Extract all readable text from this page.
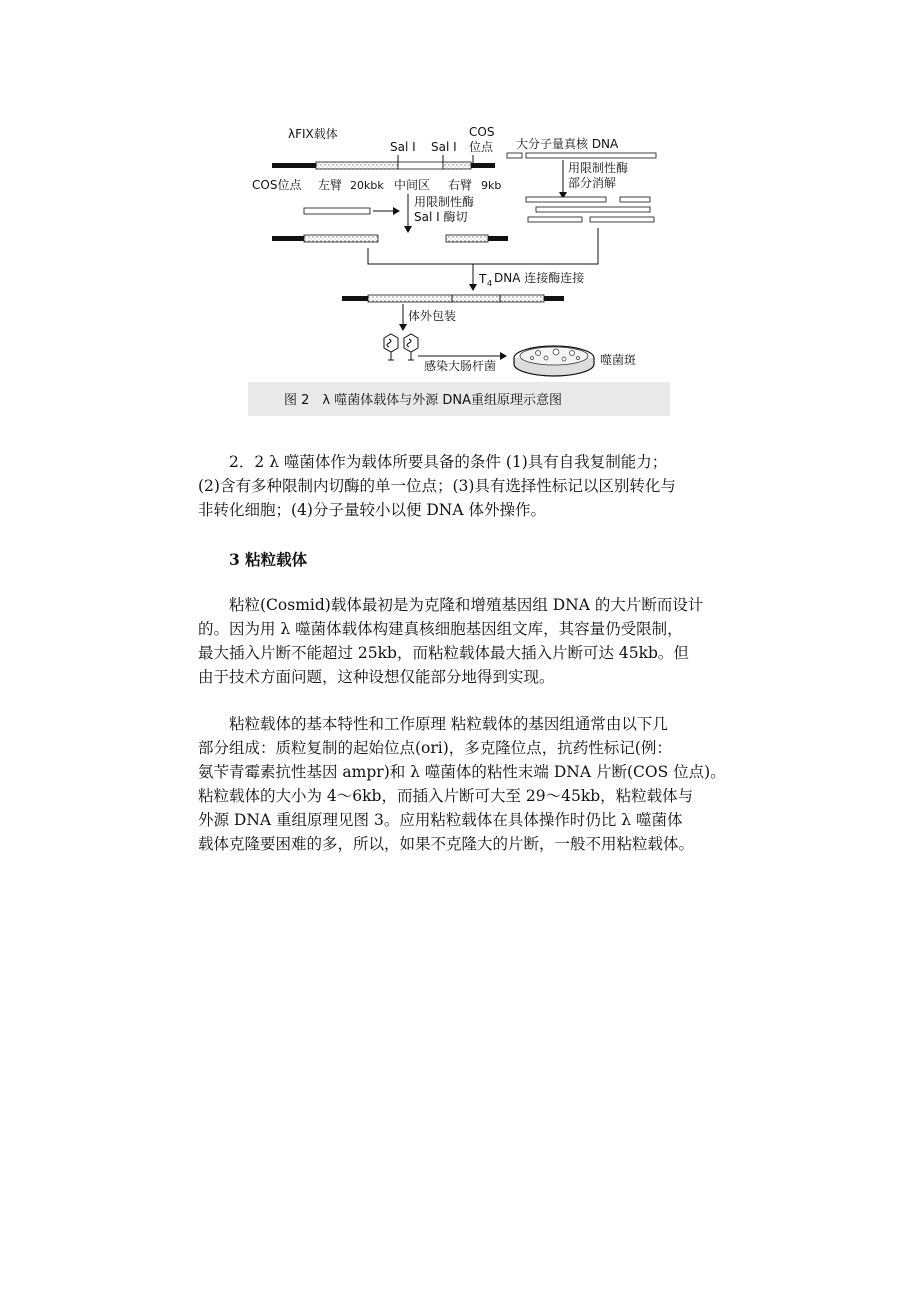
λFIX载体
Sal I Sal I
COS
位点
COS位点 左臂 20kbk 中间区 右臂 9kb
大分子量真核 DNA
用限制性酶
部分消解
用限制性酶
Sal I 酶切
T 4 DNA 连接酶连接
体外包装
感染大肠杆菌	噬菌斑
图 2　λ 噬菌体载体与外源 DNA重组原理示意图
2．2 λ 噬菌体作为载体所要具备的条件 (1)具有自我复制能力；
(2)含有多种限制内切酶的单一位点；(3)具有选择性标记以区别转化与
非转化细胞；(4)分子量较小以便 DNA 体外操作。
3 粘粒载体
粘粒(Cosmid)载体最初是为克隆和增殖基因组 DNA 的大片断而设计
的。因为用 λ 噬菌体载体构建真核细胞基因组文库，其容量仍受限制，
最大插入片断不能超过 25kb，而粘粒载体最大插入片断可达 45kb。但
由于技术方面问题，这种设想仅能部分地得到实现。
粘粒载体的基本特性和工作原理 粘粒载体的基因组通常由以下几
部分组成：质粒复制的起始位点(ori)，多克隆位点，抗药性标记(例：
氨苄青霉素抗性基因 ampr)和 λ 噬菌体的粘性末端 DNA 片断(COS 位点)。
粘粒载体的大小为 4～6kb，而插入片断可大至 29～45kb，粘粒载体与
外源 DNA 重组原理见图 3。应用粘粒载体在具体操作时仍比 λ 噬菌体
载体克隆要困难的多，所以，如果不克隆大的片断，一般不用粘粒载体。
